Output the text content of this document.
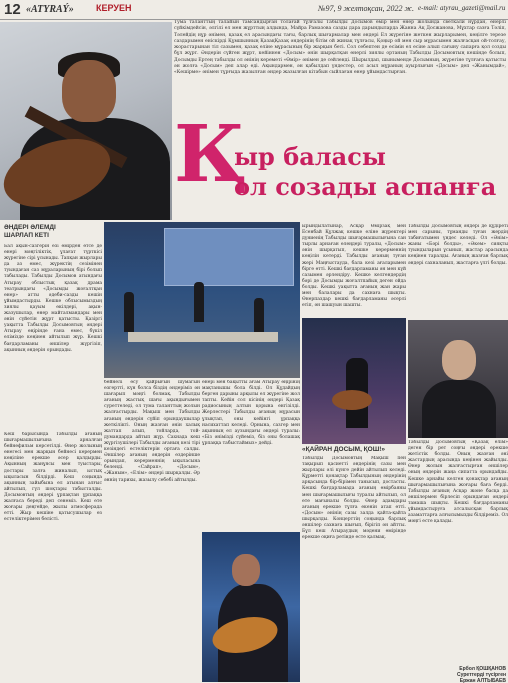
12 «ATYRAÝ» КЕРУЕН	№97, 9 желтоқсан, 2022 ж. e-mail: atyrau_gazeti@mail.ru
Тума таланттың талайын тамсандырған толағай тұлғалы Табылды Досымов өмір мен өнер жолында светкали нұрдан, өнерлі сүйкімдейсін, әлгілі ел мен жұрттың алдында, Майра Рамазова сазды дара дарындыларда Жанна Ақ Досжанова, Мұхтар сазға Тәліп, Тәлейдің нұр әнімен, қазақ ел арасындағы тағы, барлық шығармалар мен әндері Ел жүрегіне жеткен жырларымен, көңілге терезе саздарымен еніскірді Құмшынның ҚазақҚазақ әндерінің бітім ой жинақ тұлғасы, Қоңыр ой мен сыр мұрасымен жалғасқан ой-толғау, жорастарынан тіл сазымен, қазақ еліне мұрасының бір жарқын беті. Сол себептен де есімін ел есіне алып сағыну сапарға қол созды бұл жұрт. Әндерін сүйген жұрт, кейіннен «Досым» әнін шырқатқан өнерлі зиялы ортаның Табылды Досымовтың кешінде болып, Досымды Ертең табылды ол әнінің кереметі «Өмір» әнімен де сөйленді. Шырылдап, шыныменде Досымның, жүрегіне тұлғаға қатысты ән жолға «Досым» деп алар еді. Ақындармен, ән қабылдап үндестер, ол асыл мұраның ауырлығын «Досым» деп «Жанымдай», «Кешірме» әнімен тұрғыда жазылған әндер жазылған кітабын сыйлаған өнер ұйымдастырған.
Қ
ыр баласы
ол созады аспанға
ӘНДЕРІ ӘЛЕМДІ
ШАРЛАП КЕТІ
Бал ақын-сазгерiн өзi өмiрден өтсе де өнерi мәңгiлiктiк, ұлағат түрткісi жүрегiне сiрi ұсынады. Тапқан жырлары да аз емес, жүректiң сезiмiнен туындаған саз мұраларының бірі болып табылады. Табылды Досымов атындағы Атырау облыстық қазақ драма театрындағы «Досымды жоғалтқан өнер» атты әдеби-сазды кешiн ұйымдастырды. Кешке облысымыздың зиялы қауым өкiлдерi, ақын-жазушылар, өнер майталмандары мен әнiн сүйетiн жұрт қатысты. Қазіргi уақытта Табылды Досымовтың әндерi Атырау өңiрiнде ғана емес, бүкiл елiмiзде кеңiнен айтылып жүр. Кешкi бағдарламаны әншiлер жүргiзiп, ақынның әндерiн орындады.
Кеш барысында Табылды ағаның шығармашылығына арналған бейнефильм көрсетiлдi. Өнер жолының өнегесi мен жарқын бейнесi көрермен көңiлiне ерекше әсер қалдырды. Ақынның жанұясы мен туыстары, достары залға жиналып, ыстық ықыласын бiлдiрдi. Кеш соңында ақынның зайыбына ел атынан алғыс айтылып, гүл шоқтары табысталды. Досымовтың әндерi ұрпақтан ұрпаққа жалғаса береді деп сенемiз. Кеш өте жоғары деңгейде, жылы атмосферада өттi. Жыр кешiне қатысушылар өз естелiктерiмен бөлiстi.
бейнелi өсу қайрығын шумагын өзгерттi, күн болса бiздiң әндерiмiз ән шағарып мәңгi болмақ. Табылды ағаның жастық шағы ақындығымен суреттеледi, ол тума таланттың жолын жалғастырды. Мақыш мен Табылды ағаның әндерiн сүйiп орындаушылар жеткiлiктi. Оның жазған әнiн халық жаттап алып, тойларда, той-думандарда айтып жүр. Сахнада кеш жүргiзушiлерi Табылды ағаның көзi тiрi кезiндегi естелiктерiн ортаға салды. Әншiлер ағаның әндерiн өздерiнше орындап, көрерменнiң ықыласына бөлендi. «Сайрап», «Досым», «Жаным», «Елiм» әндерi шырқалды. Әр әннiң тарихы, жазылу себебi айтылды.
өнерi мен бақытты ағам Атырау өңiрiнiң мақтанышы бола бiлдi. Ол Құдайдың берген дарыны арқылы ел жүрегiне жол тапты. Кейiн сол кiсiнiң әндерi Қазақ радиосының алтын қорына енгiзiлдi. Жерлестерi Табылды ағаның мұрасын ұлықтап, оны кейiнгi ұрпаққа насихаттап келедi. Орнына, сазгер мен ақынның ел аузындағы әндерi туралы: «Бiз әнiмiздi сүйемiз, бiз оны болашақ ұрпаққа табыстаймыз» дейдi.
ырындылатынар, Асқар Өмiрзақ мен Есенбай Құлжақ кешке елiне жүректерi дүниенiң Табылды шығармашылығына сан тырлы арнаған өлеңдерi туралы, «Досым» әнiн шырқатып, кешке көрерменнiң көңiлiн көтердi. Табылды ағаның туған жерi Маңғыстауда, бала кезi ағаларымен бiрге өттi. Кешкi бағдарламаны ән мен күй сазымен әрлендiру. Кешке келгендердiң бәрi де Досымды жоғалтпайық деген ойда болды. Кешкi уақытта ағаның жан жары мен балалары да сахнаға шықты. Өнерпаздар кешкi бағдарламаны әсерлi етiп, ән шашуын шашты.
Табылды Досымовтың әндерi де құдiретi мен сарыны, тұманды туған жердiң табиғатымен үндес келедi. Ол «Әнiм» жаны «Бәрi болды», «Әкем» сияқты туындыларын ұсынып, жастар арасында кеңiнен таралды. Ағаның жазған барлық әндерi сахналанып, жастарға үлгi болды.
«ҚАЙРАН ДОСЫМ, ҚОШ!»
Табылды Досымовтың Мақыш пен тақырып қасиеттi әндерiнiң сазы мен жырлары әлi күнге дейiн айтылып келедi. Құрметтi қонақтар Табылдының әндерiнiң арқасында бiр-бiрiмен танысып, достасты. Кешкi бағдарламада ағаның өмiрбаяны мен шығармашылығы туралы айтылып, ол өте мағыналы болды. Өнер адамдары ағаның ерекше тұлға екенiн атап өттi. «Досым» әнiнiң сазы залда қайта-қайта шырқалды. Концерттiң соңында барлық әншiлер сахнаға шығып, бiрiгiп ән айтты. Бұл кеш Атыраудың мәдени өмiрiнде ерекше оқиға ретiнде есте қалмақ.
Табылды Досымовтың «Қазақ елiм» деген бiр рет соңғы әндерi ерекше жетiстiк болды. Оның жазған әнi жастардың арасында кеңiнен жайылды. Өнер жолын жалғастырған әншiлер оның әндерiн жаңа сипатта орындайды. Кешке арнайы келген қонақтар ағаның шығармашылығына жоғары баға бердi. Табылды ағаның Асқар және басқа да әншiлермен бiрлесiп орындаған әндерi тамаша шықты. Кешкi бағдарламаны ұйымдастыруға атсалысқан барлық азаматтарға алғысымызды бiлдiремiз. Ол мәңгi есте қалады.
Ербол ҚОШҚАНОВ
Суреттерді түсірген
Ержан АЛТЫБАЕВ
